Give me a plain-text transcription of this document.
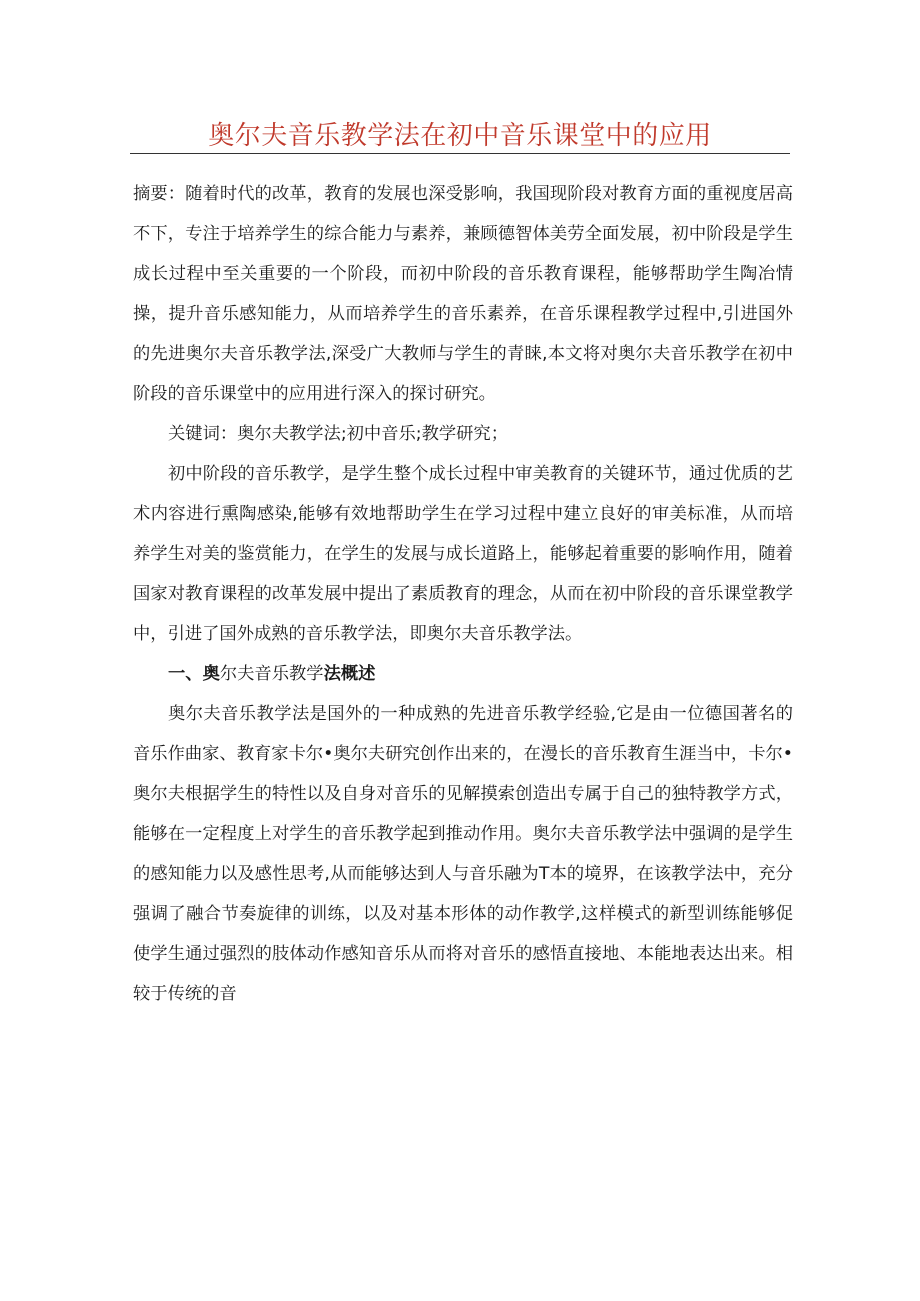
奥尔夫音乐教学法在初中音乐课堂中的应用

摘要：随着时代的改革，教育的发展也深受影响，我国现阶段对教育方面的重视度居高不下，专注于培养学生的综合能力与素养，兼顾德智体美劳全面发展，初中阶段是学生成长过程中至关重要的一个阶段，而初中阶段的音乐教育课程，能够帮助学生陶冶情操，提升音乐感知能力，从而培养学生的音乐素养，在音乐课程教学过程中,引进国外的先进奥尔夫音乐教学法,深受广大教师与学生的青睐,本文将对奥尔夫音乐教学在初中阶段的音乐课堂中的应用进行深入的探讨研究。

关键词：奥尔夫教学法;初中音乐;教学研究；

初中阶段的音乐教学，是学生整个成长过程中审美教育的关键环节，通过优质的艺术内容进行熏陶感染,能够有效地帮助学生在学习过程中建立良好的审美标准，从而培养学生对美的鉴赏能力，在学生的发展与成长道路上，能够起着重要的影响作用，随着国家对教育课程的改革发展中提出了素质教育的理念，从而在初中阶段的音乐课堂教学中，引进了国外成熟的音乐教学法，即奥尔夫音乐教学法。

一、奥尔夫音乐教学法概述

奥尔夫音乐教学法是国外的一种成熟的先进音乐教学经验,它是由一位德国著名的音乐作曲家、教育家卡尔•奥尔夫研究创作出来的，在漫长的音乐教育生涯当中，卡尔•奥尔夫根据学生的特性以及自身对音乐的见解摸索创造出专属于自己的独特教学方式，能够在一定程度上对学生的音乐教学起到推动作用。奥尔夫音乐教学法中强调的是学生的感知能力以及感性思考,从而能够达到人与音乐融为T本的境界，在该教学法中，充分强调了融合节奏旋律的训练，以及对基本形体的动作教学,这样模式的新型训练能够促使学生通过强烈的肢体动作感知音乐从而将对音乐的感悟直接地、本能地表达出来。相较于传统的音
